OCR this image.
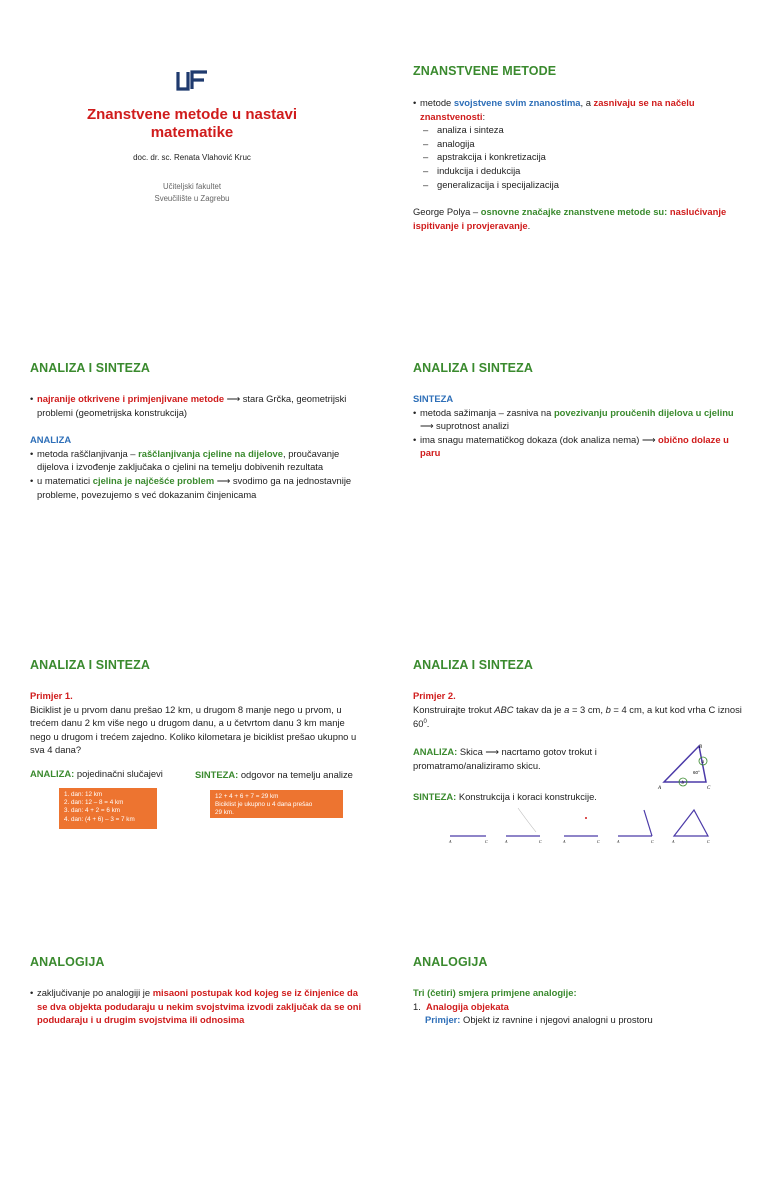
Znanstvene metode u nastavi
matematike
doc. dr. sc. Renata Vlahović Kruc
Učiteljski fakultet
Sveučilište u Zagrebu
ZNANSTVENE METODE
• metode svojstvene svim znanostima, a zasnivaju se na načelu znanstvenosti:
– analiza i sinteza
– analogija
– apstrakcija i konkretizacija
– indukcija i dedukcija
– generalizacija i specijalizacija
George Polya – osnovne značajke znanstvene metode su: naslućivanje ispitivanje i provjeravanje.
ANALIZA I SINTEZA
• najranije otkrivene i primjenjivane metode ⟶ stara Grčka, geometrijski problemi (geometrijska konstrukcija)
ANALIZA
• metoda raščlanjivanja – raščlanjivanja cjeline na dijelove, proučavanje dijelova i izvođenje zaključaka o cjelini na temelju dobivenih rezultata
• u matematici cjelina je najčešće problem ⟶ svodimo ga na jednostavnije probleme, povezujemo s već dokazanim činjenicama
ANALIZA I SINTEZA
SINTEZA
• metoda sažimanja – zasniva na povezivanju proučenih dijelova u cjelinu ⟶ suprotnost analizi
• ima snagu matematičkog dokaza (dok analiza nema) ⟶ obično dolaze u paru
ANALIZA I SINTEZA
Primjer 1.
Biciklist je u prvom danu prešao 12 km, u drugom 8 manje nego u prvom, u trećem danu 2 km više nego u drugom danu, a u četvrtom danu 3 km manje nego u drugom i trećem zajedno. Koliko kilometara je biciklist prešao ukupno u sva 4 dana?
ANALIZA: pojedinačni slučajevi	SINTEZA: odgovor na temelju analize
1. dan: 12 km
2. dan: 12 – 8 = 4 km
3. dan: 4 + 2 = 6 km
4. dan: (4 + 6) – 3 = 7 km
12 + 4 + 6 + 7 = 29 km
Biciklist je ukupno u 4 dana prešao
29 km.
ANALIZA I SINTEZA
Primjer 2.
Konstruirajte trokut ABC takav da je a = 3 cm, b = 4 cm, a kut kod vrha C iznosi $60^0$.
ANALIZA: Skica ⟶ nacrtamo gotov trokut i promatramo/analiziramo skicu.
SINTEZA: Konstrukcija i koraci konstrukcije.
B
A	C
a
b
60°
A	C	A	C	A	C	A	C	A	C
ANALOGIJA
• zaključivanje po analogiji je misaoni postupak kod kojeg se iz činjenice da se dva objekta podudaraju u nekim svojstvima izvodi zaključak da se oni podudaraju i u drugim svojstvima ili odnosima
ANALOGIJA
Tri (četiri) smjera primjene analogije:
1. Analogija objekata
Primjer: Objekt iz ravnine i njegovi analogni u prostoru
